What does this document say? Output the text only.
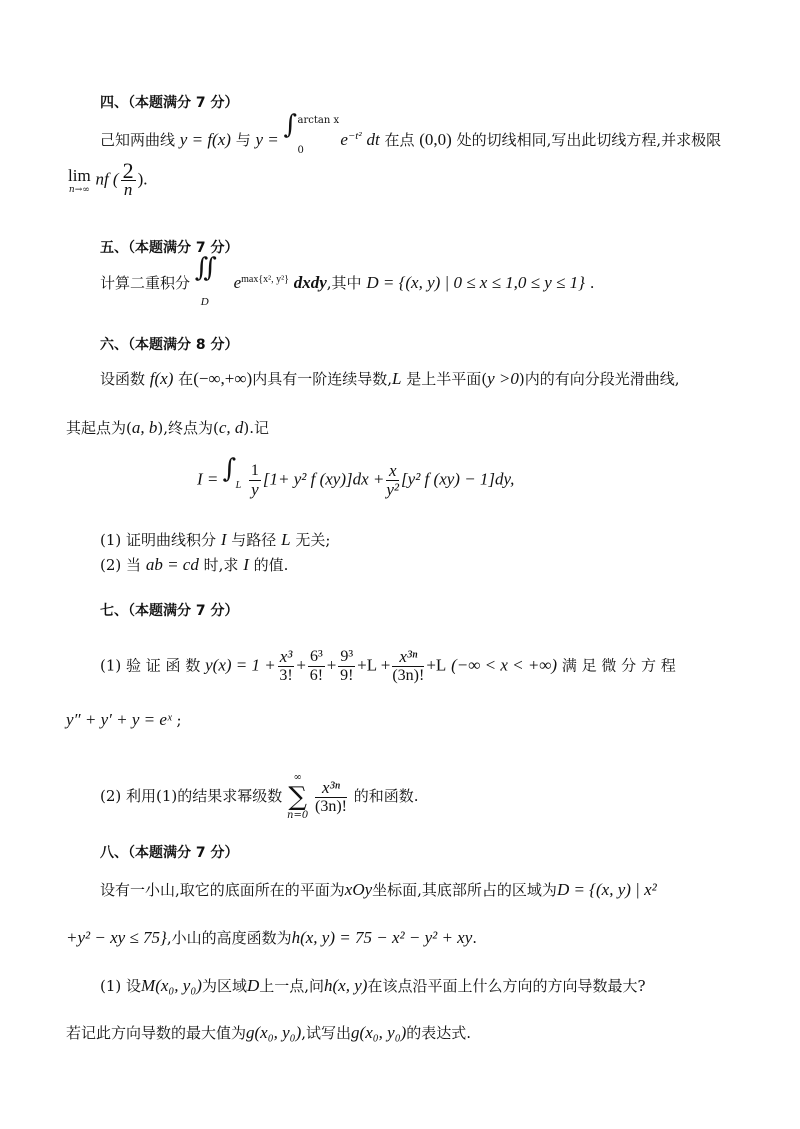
四、（本题满分 7 分）
己知两曲线 y = f(x) 与 y = ∫ arctan x
0
$e^{-t^2}$ dt 在点 (0,0) 处的切线相同,写出此切线方程,并求极限
lim
n→∞
nf ( $\frac{2}{n}$ ).
五、（本题满分 7 分）
计算二重积分 ∬
D
$e^{max\{x^2, y^2\}}$ dxdy,其中 D = {(x, y) | 0 ≤ x ≤ 1,0 ≤ y ≤ 1} .
六、（本题满分 8 分）
设函数 f(x) 在(−∞,+∞)内具有一阶连续导数,L 是上半平面(y >0)内的有向分段光滑曲线,
其起点为(a, b),终点为(c, d).记
I = ∫
L
$\frac{1}{y} [1+ y^2$ f $(xy)]dx + \frac{x}{\text{y²}} [y^2$ f (xy) − 1]dy,
(1) 证明曲线积分 I 与路径 L 无关;
(2) 当 ab = cd 时,求 I 的值.
七、（本题满分 7 分）
(1) 验 证 函 数 $y(x) = 1 + \frac{\text{x³}}{3!} + \frac{\text{6³}}{6!} + \frac{\text{9³}}{9!} +L + \frac{\text{x³ⁿ}}{(3n)!} +L$ (−∞ < x < +∞) 满 足 微 分 方 程
y″ + y′ + y = eˣ ;
(2) 利用(1)的结果求幂级数
∞
∑
n=0
$\frac{\text{x³ⁿ}}{(3n)!}$ 的和函数.
八、（本题满分 7 分）
设有一小山,取它的底面所在的平面为xOy坐标面,其底部所占的区域为D = {(x, y) | x²
+y² − xy ≤ 75},小山的高度函数为h(x, y) = 75 − x² − y² + xy.
(1) 设M(x₀, y₀)为区域D上一点,问h(x, y)在该点沿平面上什么方向的方向导数最大?
若记此方向导数的最大值为g(x₀, y₀),试写出g(x₀, y₀)的表达式.
